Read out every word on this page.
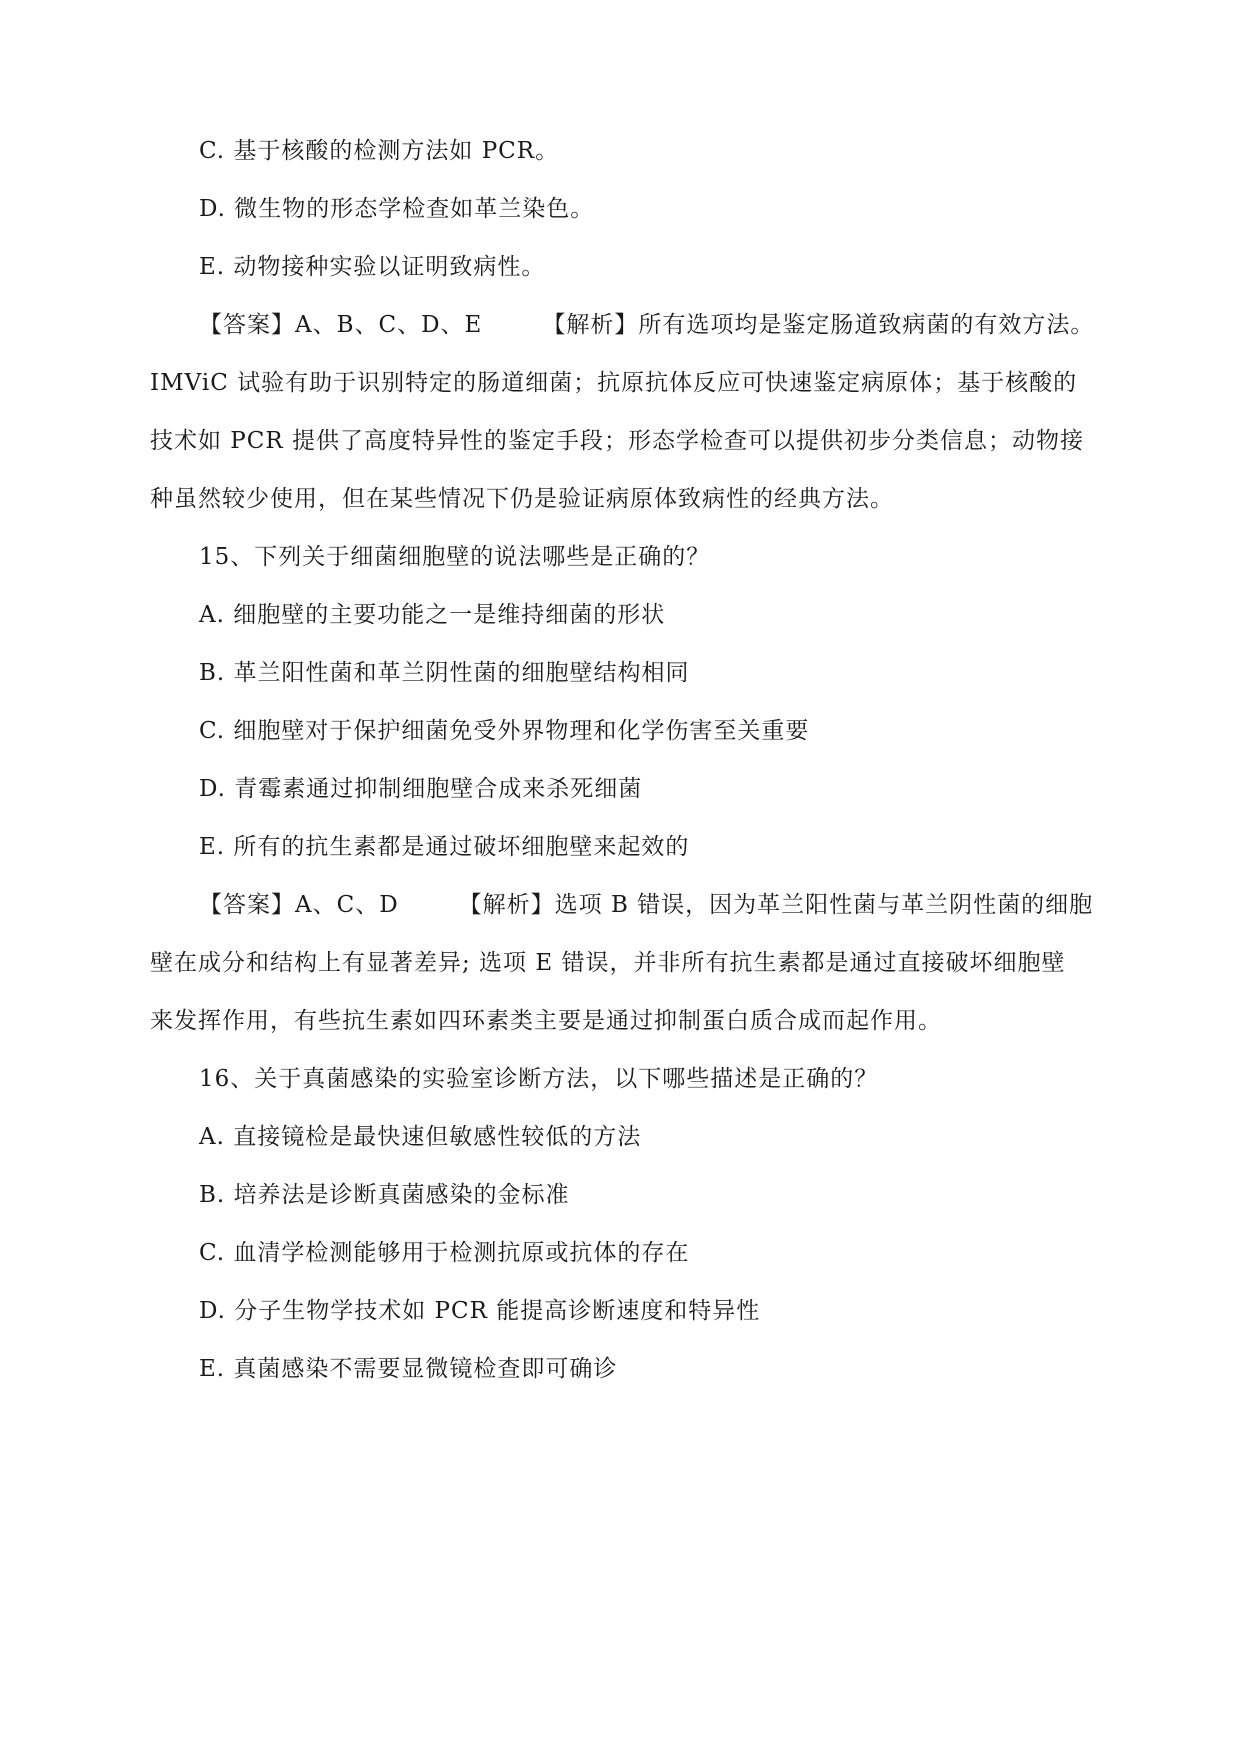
C. 基于核酸的检测方法如 PCR。
D. 微生物的形态学检查如革兰染色。
E. 动物接种实验以证明致病性。
【答案】A、B、C、D、E	【解析】所有选项均是鉴定肠道致病菌的有效方法。
IMViC 试验有助于识别特定的肠道细菌；抗原抗体反应可快速鉴定病原体；基于核酸的
技术如 PCR 提供了高度特异性的鉴定手段；形态学检查可以提供初步分类信息；动物接
种虽然较少使用，但在某些情况下仍是验证病原体致病性的经典方法。
15、下列关于细菌细胞壁的说法哪些是正确的？
A. 细胞壁的主要功能之一是维持细菌的形状
B. 革兰阳性菌和革兰阴性菌的细胞壁结构相同
C. 细胞壁对于保护细菌免受外界物理和化学伤害至关重要
D. 青霉素通过抑制细胞壁合成来杀死细菌
E. 所有的抗生素都是通过破坏细胞壁来起效的
【答案】A、C、D	【解析】选项 B 错误，因为革兰阳性菌与革兰阴性菌的细胞
壁在成分和结构上有显著差异; 选项 E 错误，并非所有抗生素都是通过直接破坏细胞壁
来发挥作用，有些抗生素如四环素类主要是通过抑制蛋白质合成而起作用。
16、关于真菌感染的实验室诊断方法，以下哪些描述是正确的？
A. 直接镜检是最快速但敏感性较低的方法
B. 培养法是诊断真菌感染的金标准
C. 血清学检测能够用于检测抗原或抗体的存在
D. 分子生物学技术如 PCR 能提高诊断速度和特异性
E. 真菌感染不需要显微镜检查即可确诊
